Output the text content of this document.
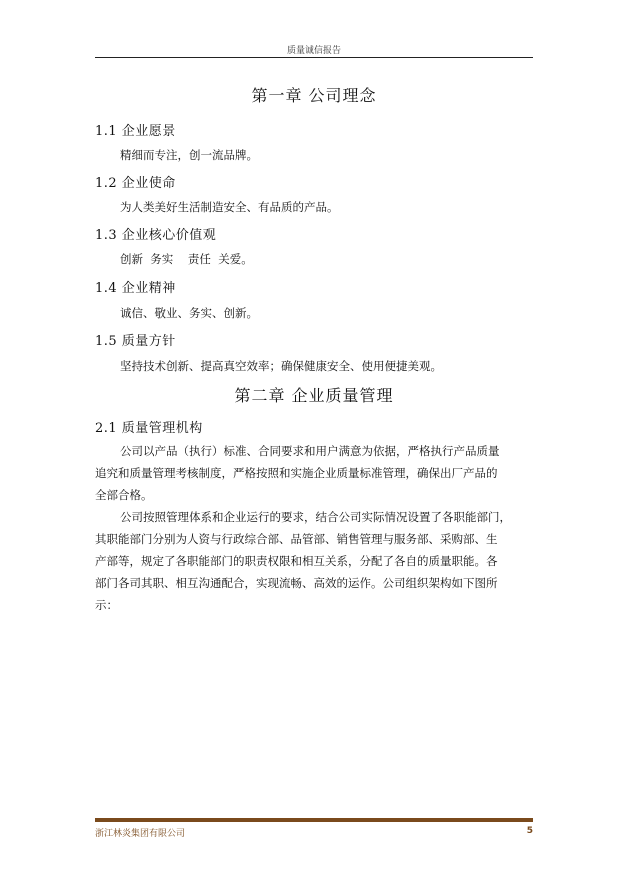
质量诚信报告
第一章 公司理念
1.1 企业愿景
精细而专注，创一流品牌。
1.2 企业使命
为人类美好生活制造安全、有品质的产品。
1.3 企业核心价值观
创新  务实    责任  关爱。
1.4 企业精神
诚信、敬业、务实、创新。
1.5 质量方针
坚持技术创新、提高真空效率；确保健康安全、使用便捷美观。
第二章 企业质量管理
2.1 质量管理机构
公司以产品（执行）标准、合同要求和用户满意为依据，严格执行产品质量
追究和质量管理考核制度，严格按照和实施企业质量标准管理，确保出厂产品的
全部合格。
公司按照管理体系和企业运行的要求，结合公司实际情况设置了各职能部门，
其职能部门分别为人资与行政综合部、品管部、销售管理与服务部、采购部、生
产部等，规定了各职能部门的职责权限和相互关系，分配了各自的质量职能。各
部门各司其职、相互沟通配合，实现流畅、高效的运作。公司组织架构如下图所
示：
浙江林炎集团有限公司	5
